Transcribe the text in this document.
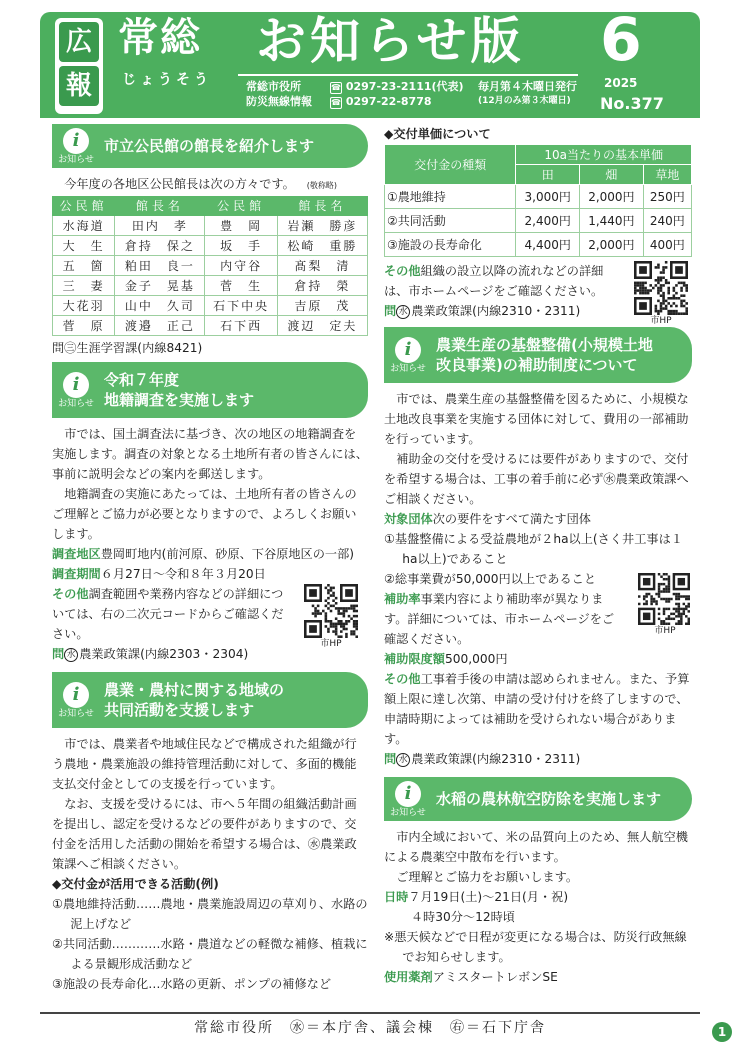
広
報
常総
じょうそう
お知らせ版 6
常総市役所
防災無線情報
☎ 0297-23-2111(代表)
☎ 0297-22-8778
毎月第４木曜日発行
(12月のみ第３木曜日)
2025
No.377
i
お知らせ
市立公民館の館長を紹介します
今年度の各地区公民館長は次の方々です。 (敬称略)
公民館	館長名	公民館	館長名
水海道	田内　孝	豊　岡	岩瀬　勝彦
大　生	倉持　保之	坂　手	松崎　重勝
五　箇	粕田　良一	内守谷	髙梨　清
三　妻	金子　晃基	菅　生	倉持　榮
大花羽	山中　久司	石下中央	吉原　茂
菅　原	渡邉　正己	石下西	渡辺　定夫
問㊂生涯学習課(内線8421)
i
お知らせ
令和７年度
地籍調査を実施します

市では、国土調査法に基づき、次の地区の地籍調査を実施します。調査の対象となる土地所有者の皆さんには、事前に説明会などの案内を郵送します。

地籍調査の実施にあたっては、土地所有者の皆さんのご理解とご協力が必要となりますので、よろしくお願いします。

調査地区豊岡町地内(前河原、砂原、下谷原地区の一部)
調査期間６月27日～令和８年３月20日
その他調査範囲や業務内容などの詳細については、右の二次元コードからご確認ください。
問 水 農業政策課(内線2303・2304)
市HP
i
お知らせ
農業・農村に関する地域の
共同活動を支援します

市では、農業者や地域住民などで構成された組織が行う農地・農業施設の維持管理活動に対して、多面的機能支払交付金としての支援を行っています。

なお、支援を受けるには、市へ５年間の組織活動計画を提出し、認定を受けるなどの要件がありますので、交付金を活用した活動の開始を希望する場合は、㊌農業政策課へご相談ください。

◆交付金が活用できる活動(例)
①農地維持活動……農地・農業施設周辺の草刈り、水路の泥上げなど
②共同活動…………水路・農道などの軽微な補修、植栽による景観形成活動など
③施設の長寿命化…水路の更新、ポンプの補修など
◆交付単価について
交付金の種類	10a当たりの基本単価		
	田	畑	草地
①農地維持	3,000円	2,000円	250円
②共同活動	2,400円	1,440円	240円
③施設の長寿命化	4,400円	2,000円	400円
その他組織の設立以降の流れなどの詳細は、市ホームページをご確認ください。
問 水 農業政策課(内線2310・2311)
市HP
i
お知らせ
農業生産の基盤整備(小規模土地
改良事業)の補助制度について

市では、農業生産の基盤整備を図るために、小規模な土地改良事業を実施する団体に対して、費用の一部補助を行っています。

補助金の交付を受けるには要件がありますので、交付を希望する場合は、工事の着手前に必ず㊌農業政策課へご相談ください。

対象団体次の要件をすべて満たす団体
①基盤整備による受益農地が２ha以上(さく井工事は１ha以上)であること
②総事業費が50,000円以上であること
補助率事業内容により補助率が異なります。詳細については、市ホームページをご確認ください。
市HP
補助限度額500,000円
その他工事着手後の申請は認められません。また、予算額上限に達し次第、申請の受け付けを終了しますので、申請時期によっては補助を受けられない場合があります。
問 水 農業政策課(内線2310・2311)
i
お知らせ
水稲の農林航空防除を実施します

市内全域において、米の品質向上のため、無人航空機による農薬空中散布を行います。

ご理解とご協力をお願いします。

日時７月19日(土)～21日(月・祝)
４時30分～12時頃
※悪天候などで日程が変更になる場合は、防災行政無線でお知らせします。
使用薬剤アミスタートレボンSE
常総市役所　㊌＝本庁舎、議会棟　㊨＝石下庁舎	1
